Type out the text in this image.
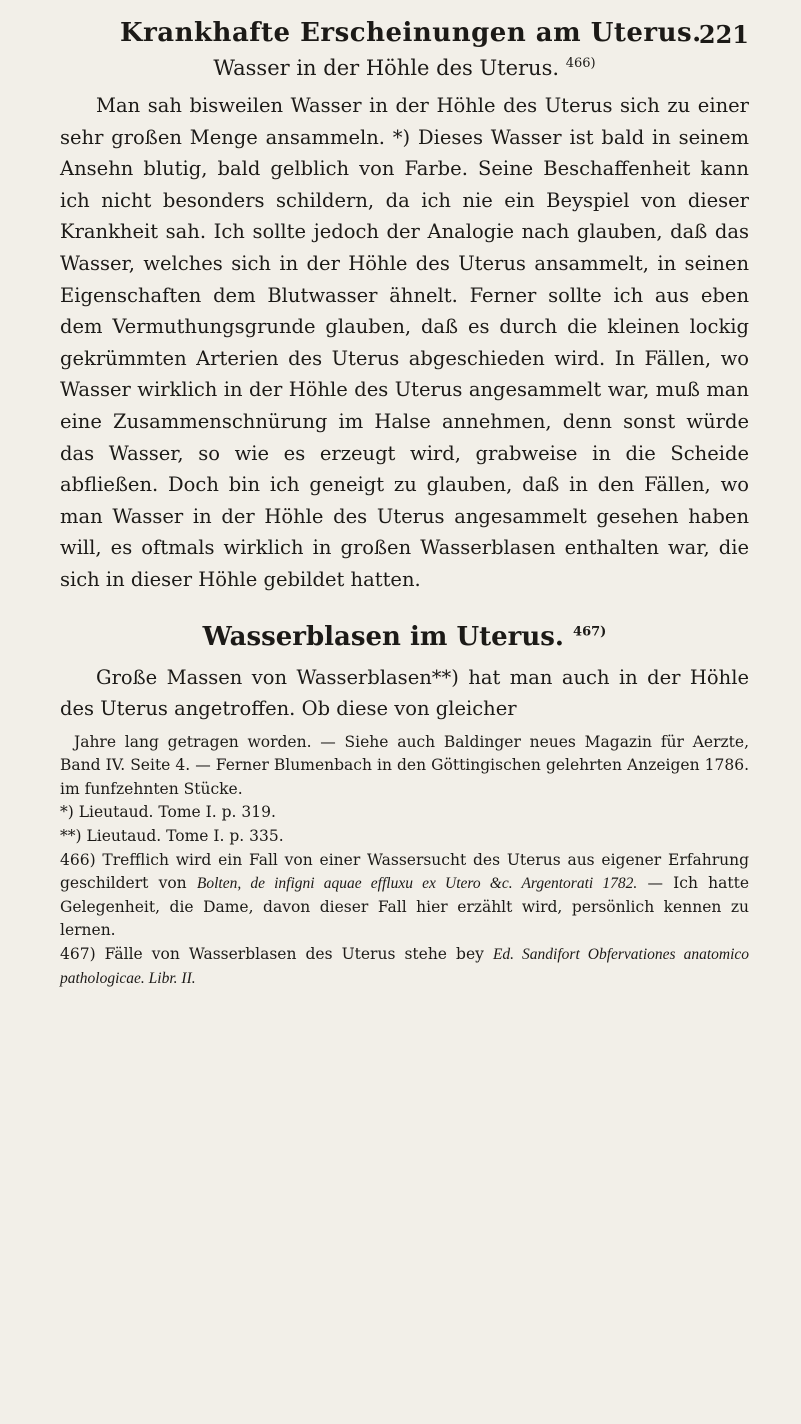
Krankhafte Erscheinungen am Uterus.
221
Wasser in der Höhle des Uterus. $^{466)}$

Man sah bisweilen Wasser in der Höhle des Uterus sich zu einer sehr großen Menge ansammeln. *) Dieses Wasser ist bald in seinem Ansehn blutig, bald gelblich von Farbe. Seine Beschaffenheit kann ich nicht besonders schildern, da ich nie ein Beyspiel von dieser Krankheit sah. Ich sollte jedoch der Analogie nach glauben, daß das Wasser, welches sich in der Höhle des Uterus ansammelt, in seinen Eigenschaften dem Blutwasser ähnelt. Ferner sollte ich aus eben dem Vermuthungsgrunde glauben, daß es durch die kleinen lockig gekrümmten Arterien des Uterus abgeschieden wird. In Fällen, wo Wasser wirklich in der Höhle des Uterus angesammelt war, muß man eine Zusammenschnürung im Halse annehmen, denn sonst würde das Wasser, so wie es erzeugt wird, grabweise in die Scheide abfließen. Doch bin ich geneigt zu glauben, daß in den Fällen, wo man Wasser in der Höhle des Uterus angesammelt gesehen haben will, es oftmals wirklich in großen Wasserblasen enthalten war, die sich in dieser Höhle gebildet hatten.

Wasserblasen im Uterus. $^{467)}$

Große Massen von Wasserblasen**) hat man auch in der Höhle des Uterus angetroffen. Ob diese von gleicher

Jahre lang getragen worden. — Siehe auch Baldinger neues Magazin für Aerzte, Band IV. Seite 4. — Ferner Blumenbach in den Göttingischen gelehrten Anzeigen 1786. im funfzehnten Stücke.

*) Lieutaud. Tome I. p. 319.

**) Lieutaud. Tome I. p. 335.

466) Trefflich wird ein Fall von einer Wassersucht des Uterus aus eigener Erfahrung geschildert von Bolten, de infigni aquae effluxu ex Utero &c. Argentorati 1782. — Ich hatte Gelegenheit, die Dame, davon dieser Fall hier erzählt wird, persönlich kennen zu lernen.

467) Fälle von Wasserblasen des Uterus stehe bey Ed. Sandifort Obfervationes anatomico pathologicae. Libr. II.
